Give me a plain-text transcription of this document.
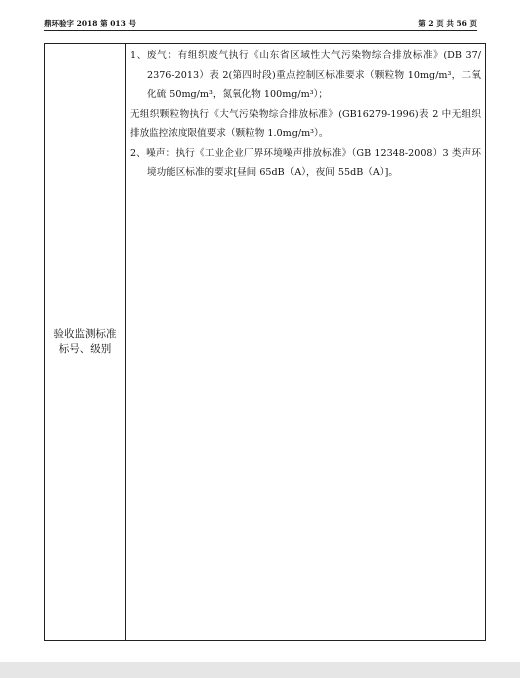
鼎环验字 2018 第 013 号	第 2 页 共 56 页
验收监测标准
标号、级别

1、废气：有组织废气执行《山东省区域性大气污染物综合排放标准》(DB 37/ 2376-2013）表 2(第四时段)重点控制区标准要求（颗粒物 10mg/m³，二氧化硫 50mg/m³，氮氧化物 100mg/m³）；

无组织颗粒物执行《大气污染物综合排放标准》(GB16279-1996)表 2 中无组织排放监控浓度限值要求（颗粒物 1.0mg/m³）。

2、噪声：执行《工业企业厂界环境噪声排放标准》（GB 12348-2008）3 类声环境功能区标准的要求[昼间 65dB（A），夜间 55dB（A）]。
